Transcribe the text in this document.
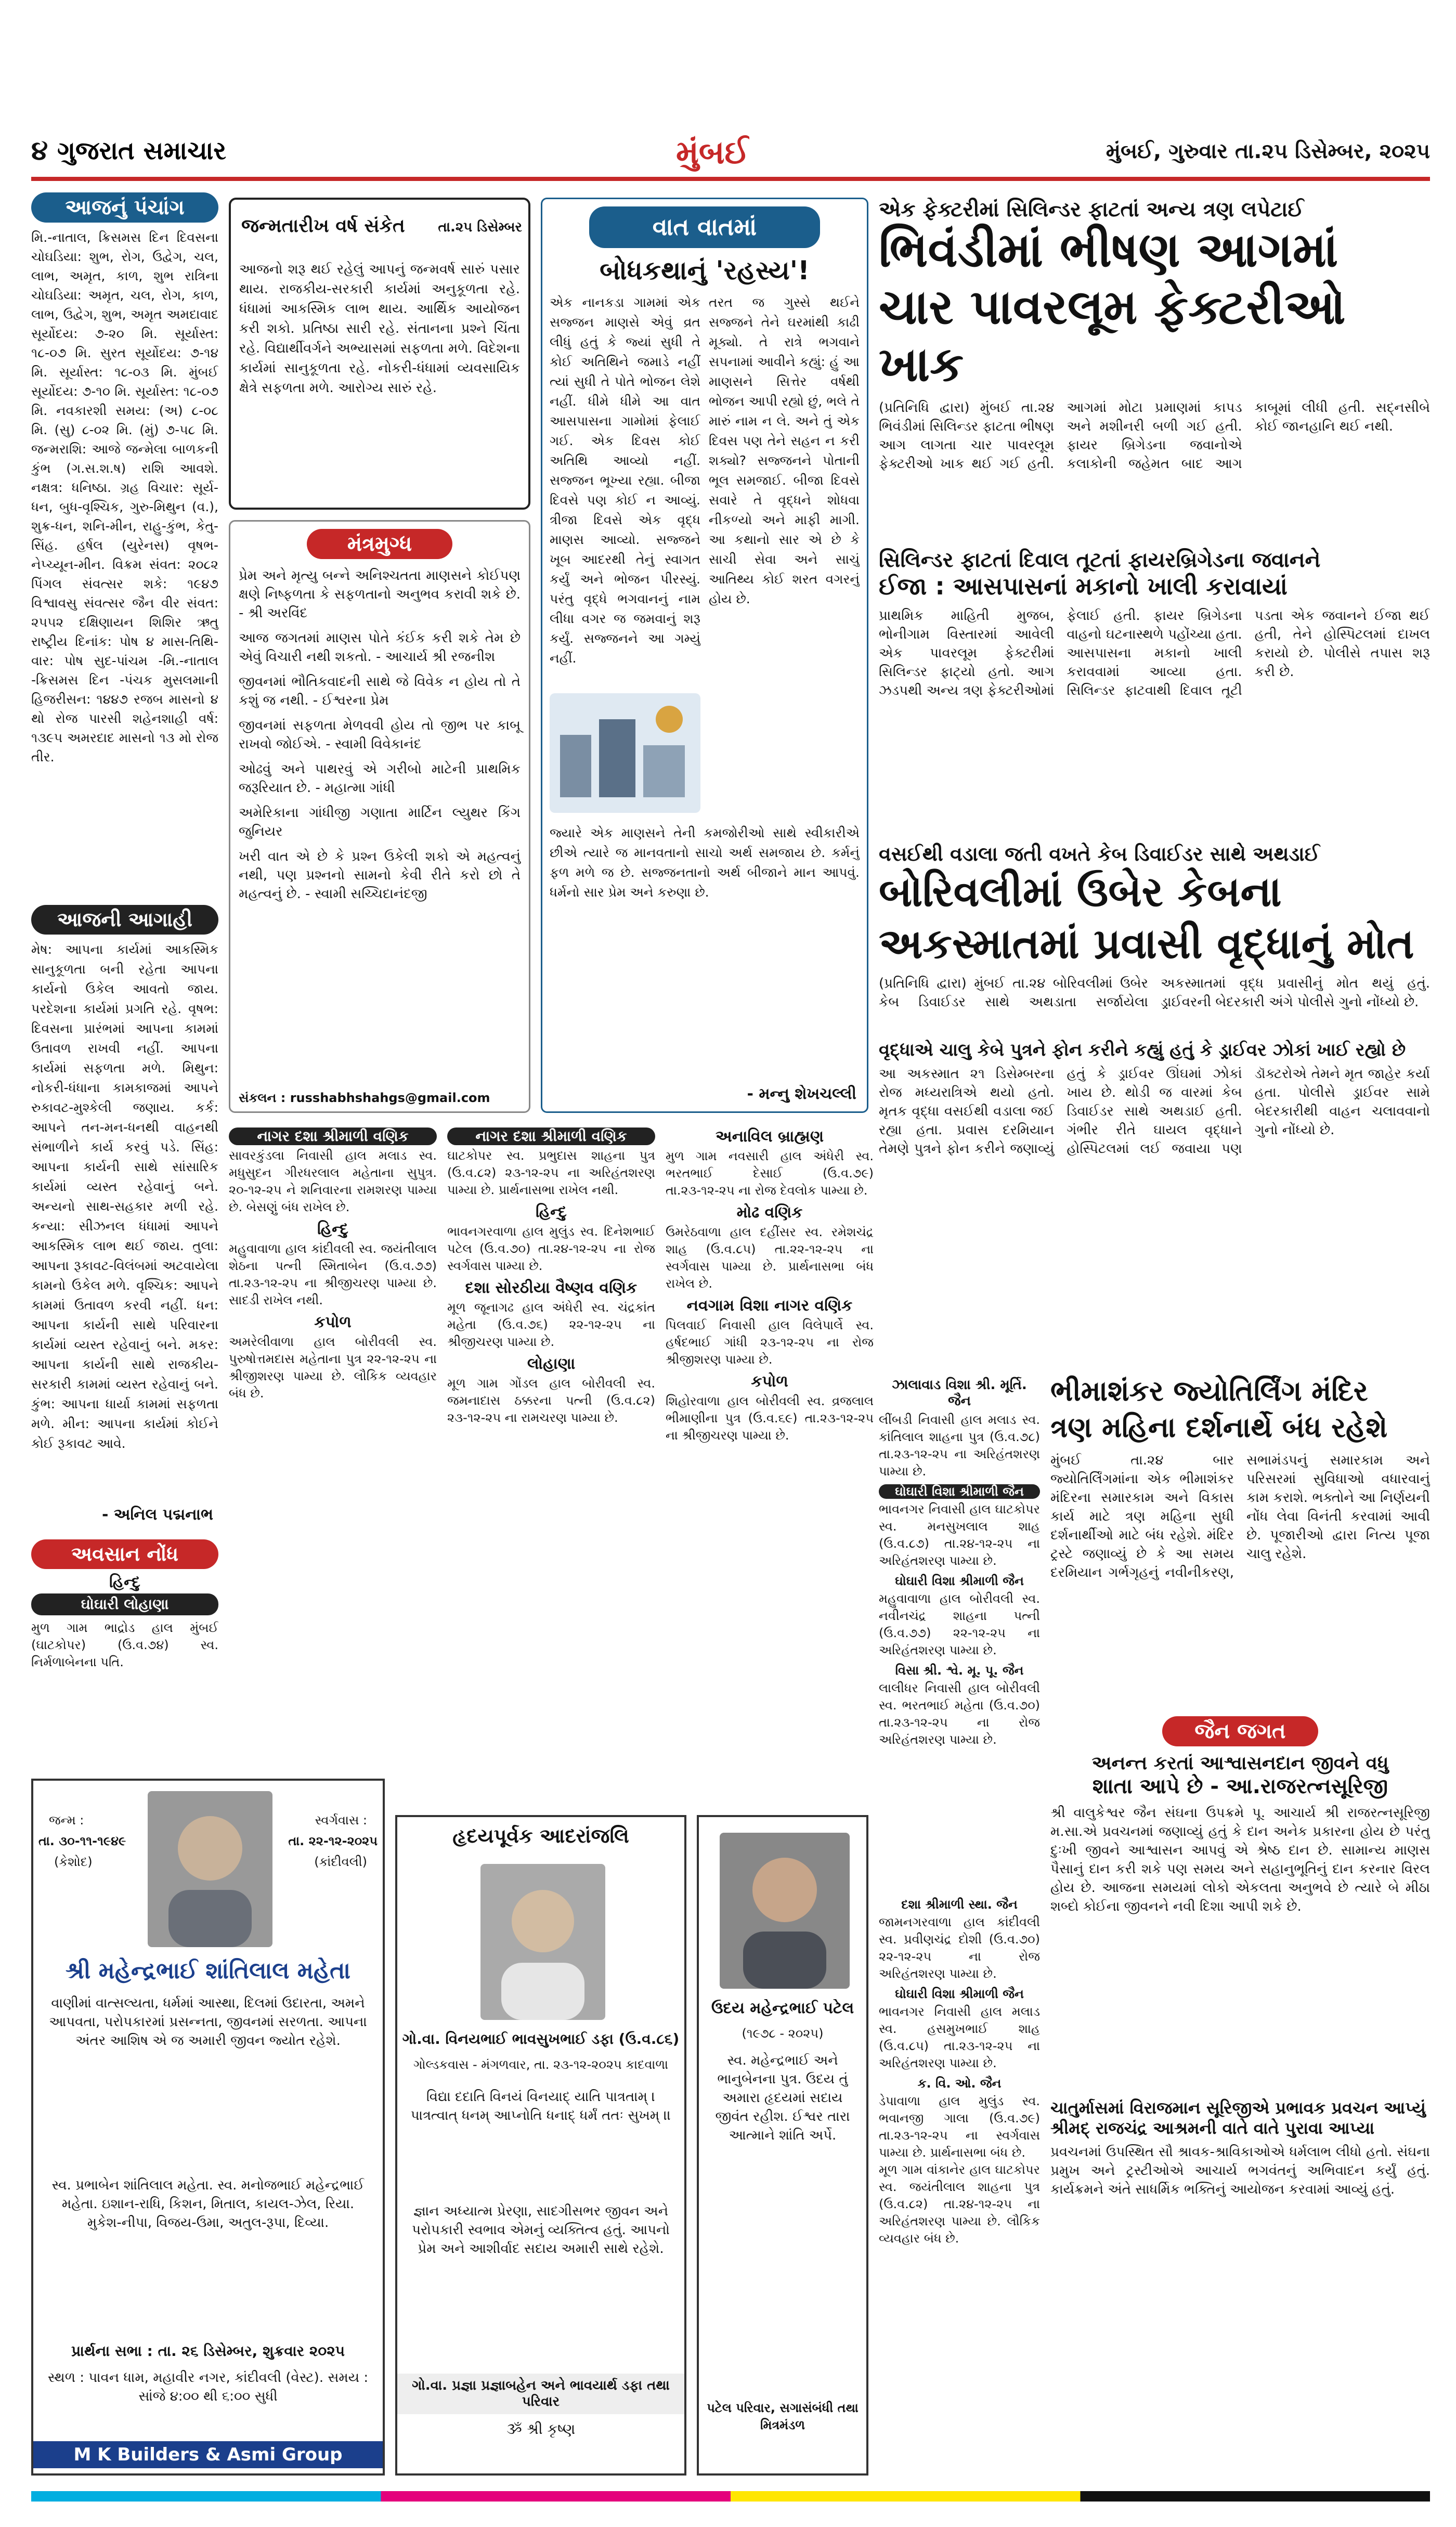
૪ ગુજરાત સમાચાર	મુંબઈ	મુંબઈ, ગુરુવાર તા.૨૫ ડિસેમ્બર, ૨૦૨૫
આજનું પંચાંગ
મિ.-નાતાલ, ક્રિસમસ દિન દિવસના ચોઘડિયા: શુભ, રોગ, ઉદ્વેગ, ચલ, લાભ, અમૃત, કાળ, શુભ રાત્રિના ચોઘડિયા: અમૃત, ચલ, રોગ, કાળ, લાભ, ઉદ્વેગ, શુભ, અમૃત અમદાવાદ સૂર્યોદય: ૭-૨૦ મિ. સૂર્યાસ્ત: ૧૮-૦૭ મિ. સુરત સૂર્યોદય: ૭-૧૪ મિ. સૂર્યાસ્ત: ૧૮-૦૩ મિ. મુંબઈ સૂર્યોદય: ૭-૧૦ મિ. સૂર્યાસ્ત: ૧૮-૦૭ મિ. નવકારશી સમય: (અ) ૮-૦૮ મિ. (સુ) ૮-૦૨ મિ. (મું) ૭-૫૮ મિ. જન્મરાશિ: આજે જન્મેલા બાળકની કુંભ (ગ.સ.શ.ષ) રાશિ આવશે. નક્ષત્ર: ધનિષ્ઠા. ગ્રહ વિચાર: સૂર્ય-ધન, બુધ-વૃશ્ચિક, ગુરુ-મિથુન (વ.), શુક્ર-ધન, શનિ-મીન, રાહુ-કુંભ, કેતુ-સિંહ. હર્ષલ (યુરેનસ) વૃષભ-નેપ્ચ્યૂન-મીન. વિક્રમ સંવત: ૨૦૮૨ પિંગલ સંવત્સર શકે: ૧૯૪૭ વિશ્વાવસુ સંવત્સર જૈન વીર સંવત: ૨૫૫૨ દક્ષિણાયન શિશિર ઋતુ રાષ્ટ્રીય દિનાંક: પોષ ૪ માસ-તિથિ-વાર: પોષ સુદ-પાંચમ -મિ.-નાતાલ -ક્રિસમસ દિન -પંચક મુસલમાની હિજરીસન: ૧૪૪૭ રજબ માસનો ૪ થો રોજ પારસી શહેનશાહી વર્ષ: ૧૩૯૫ અમરદાદ માસનો ૧૩ મો રોજ તીર.
આજની આગાહી
મેષ: આપના કાર્યમાં આકસ્મિક સાનુકૂળતા બની રહેતા આપના કાર્યનો ઉકેલ આવતો જાય. પરદેશના કાર્યમાં પ્રગતિ રહે. વૃષભ: દિવસના પ્રારંભમાં આપના કામમાં ઉતાવળ રાખવી નહીં. આપના કાર્યમાં સફળતા મળે. મિથુન: નોકરી-ધંધાના કામકાજમાં આપને રુકાવટ-મુશ્કેલી જણાય. કર્ક: આપને તન-મન-ધનથી વાહનથી સંભાળીને કાર્ય કરવું પડે. સિંહ: આપના કાર્યની સાથે સાંસારિક કાર્યમાં વ્યસ્ત રહેવાનું બને. અન્યનો સાથ-સહકાર મળી રહે. કન્યા: સીઝનલ ધંધામાં આપને આકસ્મિક લાભ થઈ જાય. તુલા: આપના રૂકાવટ-વિલંબમાં અટવાયેલા કામનો ઉકેલ મળે. વૃશ્ચિક: આપને કામમાં ઉતાવળ કરવી નહીં. ધન: આપના કાર્યની સાથે પરિવારના કાર્યમાં વ્યસ્ત રહેવાનું બને. મકર: આપના કાર્યની સાથે રાજકીય-સરકારી કામમાં વ્યસ્ત રહેવાનું બને. કુંભ: આપના ધાર્યા કામમાં સફળતા મળે. મીન: આપના કાર્યમાં કોઈને કોઈ રૂકાવટ આવે.
- અનિલ પદ્મનાભ
અવસાન નોંધ
હિન્દુ
ઘોઘારી લોહાણા
મુળ ગામ ભાદ્રોડ હાલ મુંબઈ (ઘાટકોપર) (ઉ.વ.૭૪) સ્વ. નિર્મળાબેનના પતિ.
જન્મતારીખ વર્ષ સંકેત તા.૨૫ ડિસેમ્બર
આજનો શરૂ થઈ રહેલું આપનું જન્મવર્ષ સારું પસાર થાય. રાજકીય-સરકારી કાર્યમાં અનુકૂળતા રહે. ધંધામાં આકસ્મિક લાભ થાય. આર્થિક આયોજન કરી શકો. પ્રતિષ્ઠા સારી રહે. સંતાનના પ્રશ્ને ચિંતા રહે. વિદ્યાર્થીવર્ગને અભ્યાસમાં સફળતા મળે. વિદેશના કાર્યમાં સાનુકૂળતા રહે. નોકરી-ધંધામાં વ્યવસાયિક ક્ષેત્રે સફળતા મળે. આરોગ્ય સારું રહે.
મંત્રમુગ્ધ
પ્રેમ અને મૃત્યુ બન્ને અનિશ્ચતતા માણસને કોઈપણ ક્ષણે નિષ્ફળતા કે સફળતાનો અનુભવ કરાવી શકે છે. - શ્રી અરવિંદ
આજ જગતમાં માણસ પોતે કંઈક કરી શકે તેમ છે એવું વિચારી નથી શકતો. - આચાર્ય શ્રી રજનીશ
જીવનમાં ભૌતિકવાદની સાથે જે વિવેક ન હોય તો તે કશું જ નથી. - ઈશ્વરના પ્રેમ
જીવનમાં સફળતા મેળવવી હોય તો જીભ પર કાબૂ રાખવો જોઈએ. - સ્વામી વિવેકાનંદ
ઓઢવું અને પાથરવું એ ગરીબો માટેની પ્રાથમિક જરૂરિયાત છે. - મહાત્મા ગાંધી
અમેરિકાના ગાંધીજી ગણાતા માર્ટિન લ્યુથર કિંગ જુનિયર
ખરી વાત એ છે કે પ્રશ્ન ઉકેલી શકો એ મહત્વનું નથી, પણ પ્રશ્નનો સામનો કેવી રીતે કરો છો તે મહત્વનું છે. - સ્વામી સચ્ચિદાનંદજી
સંકલન : russhabhshahgs@gmail.com
વાત વાતમાં
બોધકથાનું 'રહસ્ય'!
એક નાનકડા ગામમાં એક સજ્જન માણસે એવું વ્રત લીધું હતું કે જ્યાં સુધી તે કોઈ અતિથિને જમાડે નહીં ત્યાં સુધી તે પોતે ભોજન લેશે નહીં. ધીમે ધીમે આ વાત આસપાસના ગામોમાં ફેલાઈ ગઈ. એક દિવસ કોઈ અતિથિ આવ્યો નહીં. સજ્જન ભૂખ્યા રહ્યા. બીજા દિવસે પણ કોઈ ન આવ્યું. ત્રીજા દિવસે એક વૃદ્ધ માણસ આવ્યો. સજ્જને ખૂબ આદરથી તેનું સ્વાગત કર્યું અને ભોજન પીરસ્યું. પરંતુ વૃદ્ધે ભગવાનનું નામ લીધા વગર જ જમવાનું શરૂ કર્યું. સજ્જનને આ ગમ્યું નહીં.
તરત જ ગુસ્સે થઈને સજ્જને તેને ઘરમાંથી કાઢી મૂક્યો. તે રાત્રે ભગવાને સપનામાં આવીને કહ્યું: હું આ માણસને સિત્તેર વર્ષથી ભોજન આપી રહ્યો છું, ભલે તે મારું નામ ન લે. અને તું એક દિવસ પણ તેને સહન ન કરી શક્યો? સજ્જનને પોતાની ભૂલ સમજાઈ. બીજા દિવસે સવારે તે વૃદ્ધને શોધવા નીકળ્યો અને માફી માગી. આ કથાનો સાર એ છે કે સાચી સેવા અને સાચું આતિથ્ય કોઈ શરત વગરનું હોય છે.
જ્યારે એક માણસને તેની કમજોરીઓ સાથે સ્વીકારીએ છીએ ત્યારે જ માનવતાનો સાચો અર્થ સમજાય છે. કર્મનું ફળ મળે જ છે. સજ્જનતાનો અર્થ બીજાને માન આપવું. ધર્મનો સાર પ્રેમ અને કરુણા છે.
- મન્નુ શેખચલ્લી
એક ફેક્ટરીમાં સિલિન્ડર ફાટતાં અન્ય ત્રણ લપેટાઈ
ભિવંડીમાં ભીષણ આગમાં
ચાર પાવરલૂમ ફેક્ટરીઓ ખાક
(પ્રતિનિધિ દ્વારા) મુંબઈ તા.૨૪ ભિવંડીમાં સિલિન્ડર ફાટતા ભીષણ આગ લાગતા ચાર પાવરલૂમ ફેક્ટરીઓ ખાક થઈ ગઈ હતી. આગમાં મોટા પ્રમાણમાં કાપડ અને મશીનરી બળી ગઈ હતી. ફાયર બ્રિગેડના જવાનોએ કલાકોની જહેમત બાદ આગ કાબૂમાં લીધી હતી. સદ્નસીબે કોઈ જાનહાનિ થઈ નથી.
સિલિન્ડર ફાટતાં દિવાલ તૂટતાં ફાયરબ્રિગેડના જવાનને
ઈજા : આસપાસનાં મકાનો ખાલી કરાવાયાં
પ્રાથમિક માહિતી મુજબ, ભોનીગામ વિસ્તારમાં આવેલી એક પાવરલૂમ ફેક્ટરીમાં સિલિન્ડર ફાટ્યો હતો. આગ ઝડપથી અન્ય ત્રણ ફેક્ટરીઓમાં ફેલાઈ હતી. ફાયર બ્રિગેડના વાહનો ઘટનાસ્થળે પહોંચ્યા હતા. આસપાસના મકાનો ખાલી કરાવવામાં આવ્યા હતા. સિલિન્ડર ફાટવાથી દિવાલ તૂટી પડતા એક જવાનને ઈજા થઈ હતી, તેને હોસ્પિટલમાં દાખલ કરાયો છે. પોલીસે તપાસ શરૂ કરી છે.
વસઈથી વડાલા જતી વખતે કેબ ડિવાઈડર સાથે અથડાઈ
બોરિવલીમાં ઉબેર કેબના
અકસ્માતમાં પ્રવાસી વૃદ્ધાનું મોત
(પ્રતિનિધિ દ્વારા) મુંબઈ તા.૨૪ બોરિવલીમાં ઉબેર કેબ ડિવાઈડર સાથે અથડાતા સર્જાયેલા અકસ્માતમાં વૃદ્ધ પ્રવાસીનું મોત થયું હતું. ડ્રાઈવરની બેદરકારી અંગે પોલીસે ગુનો નોંધ્યો છે.
વૃદ્ધાએ ચાલુ કેબે પુત્રને ફોન કરીને કહ્યું હતું કે ડ્રાઈવર ઝોકાં ખાઈ રહ્યો છે
આ અકસ્માત ૨૧ ડિસેમ્બરના રોજ મધ્યરાત્રિએ થયો હતો. મૃતક વૃદ્ધા વસઈથી વડાલા જઈ રહ્યા હતા. પ્રવાસ દરમિયાન તેમણે પુત્રને ફોન કરીને જણાવ્યું હતું કે ડ્રાઈવર ઊંઘમાં ઝોકાં ખાય છે. થોડી જ વારમાં કેબ ડિવાઈડર સાથે અથડાઈ હતી. ગંભીર રીતે ઘાયલ વૃદ્ધાને હોસ્પિટલમાં લઈ જવાયા પણ ડૉક્ટરોએ તેમને મૃત જાહેર કર્યા હતા. પોલીસે ડ્રાઈવર સામે બેદરકારીથી વાહન ચલાવવાનો ગુનો નોંધ્યો છે.
ભીમાશંકર જ્યોતિર્લિંગ મંદિર
ત્રણ મહિના દર્શનાર્થે બંધ રહેશે
મુંબઈ તા.૨૪ બાર જ્યોતિર્લિંગમાંના એક ભીમાશંકર મંદિરના સમારકામ અને વિકાસ કાર્ય માટે ત્રણ મહિના સુધી દર્શનાર્થીઓ માટે બંધ રહેશે. મંદિર ટ્રસ્ટે જણાવ્યું છે કે આ સમય દરમિયાન ગર્ભગૃહનું નવીનીકરણ, સભામંડપનું સમારકામ અને પરિસરમાં સુવિધાઓ વધારવાનું કામ કરાશે. ભક્તોને આ નિર્ણયની નોંધ લેવા વિનંતી કરવામાં આવી છે. પૂજારીઓ દ્વારા નિત્ય પૂજા ચાલુ રહેશે.
જૈન જગત
અનન્ત કરતાં આશ્વાસનદાન જીવને વધુ
શાતા આપે છે - આ.રાજરત્નસૂરિજી
શ્રી વાલુકેશ્વર જૈન સંઘના ઉપક્રમે પૂ. આચાર્ય શ્રી રાજરત્નસૂરિજી મ.સા.એ પ્રવચનમાં જણાવ્યું હતું કે દાન અનેક પ્રકારના હોય છે પરંતુ દુઃખી જીવને આશ્વાસન આપવું એ શ્રેષ્ઠ દાન છે. સામાન્ય માણસ પૈસાનું દાન કરી શકે પણ સમય અને સહાનુભૂતિનું દાન કરનાર વિરલ હોય છે. આજના સમયમાં લોકો એકલતા અનુભવે છે ત્યારે બે મીઠા શબ્દો કોઈના જીવનને નવી દિશા આપી શકે છે.
ચાતુર્માસમાં વિરાજમાન સૂરિજીએ પ્રભાવક પ્રવચન આપ્યું
શ્રીમદ્ રાજચંદ્ર આશ્રમની વાતે વાતે પુરાવા આપ્યા
પ્રવચનમાં ઉપસ્થિત સૌ શ્રાવક-શ્રાવિકાઓએ ધર્મલાભ લીધો હતો. સંઘના પ્રમુખ અને ટ્રસ્ટીઓએ આચાર્ય ભગવંતનું અભિવાદન કર્યું હતું. કાર્યક્રમને અંતે સાધર્મિક ભક્તિનું આયોજન કરવામાં આવ્યું હતું.
નાગર દશા શ્રીમાળી વણિક
સાવરકુંડલા નિવાસી હાલ મલાડ સ્વ. મધુસુદન ગીરધરલાલ મહેતાના સુપુત્ર. ૨૦-૧૨-૨૫ ને શનિવારના રામશરણ પામ્યા છે. બેસણું બંધ રાખેલ છે.
હિન્દુ
મહુવાવાળા હાલ કાંદીવલી સ્વ. જયંતીલાલ શેઠના પત્ની સ્મિતાબેન (ઉ.વ.૭૭) તા.૨૩-૧૨-૨૫ ના શ્રીજીચરણ પામ્યા છે. સાદડી રાખેલ નથી.
કપોળ
અમરેલીવાળા હાલ બોરીવલી સ્વ. પુરુષોત્તમદાસ મહેતાના પુત્ર ૨૨-૧૨-૨૫ ના શ્રીજીશરણ પામ્યા છે. લૌકિક વ્યવહાર બંધ છે.
નાગર દશા શ્રીમાળી વણિક
ઘાટકોપર સ્વ. પ્રભુદાસ શાહના પુત્ર (ઉ.વ.૮૨) ૨૩-૧૨-૨૫ ના અરિહંતશરણ પામ્યા છે. પ્રાર્થનાસભા રાખેલ નથી.
હિન્દુ
ભાવનગરવાળા હાલ મુલુંડ સ્વ. દિનેશભાઈ પટેલ (ઉ.વ.૭૦) તા.૨૪-૧૨-૨૫ ના રોજ સ્વર્ગવાસ પામ્યા છે.
દશા સોરઠીયા વૈષ્ણવ વણિક
મૂળ જૂનાગઢ હાલ અંધેરી સ્વ. ચંદ્રકાંત મહેતા (ઉ.વ.૭૬) ૨૨-૧૨-૨૫ ના શ્રીજીચરણ પામ્યા છે.
લોહાણા
મૂળ ગામ ગોંડલ હાલ બોરીવલી સ્વ. જમનાદાસ ઠક્કરના પત્ની (ઉ.વ.૮૨) ૨૩-૧૨-૨૫ ના રામચરણ પામ્યા છે.
અનાવિલ બ્રાહ્મણ
મુળ ગામ નવસારી હાલ અંધેરી સ્વ. ભરતભાઈ દેસાઈ (ઉ.વ.૭૯) તા.૨૩-૧૨-૨૫ ના રોજ દેવલોક પામ્યા છે.
મોઢ વણિક
ઉમરેઠવાળા હાલ દહીંસર સ્વ. રમેશચંદ્ર શાહ (ઉ.વ.૮૫) તા.૨૨-૧૨-૨૫ ના સ્વર્ગવાસ પામ્યા છે. પ્રાર્થનાસભા બંધ રાખેલ છે.
નવગામ વિશા નાગર વણિક
પિલવાઈ નિવાસી હાલ વિલેપાર્લે સ્વ. હર્ષદભાઈ ગાંધી ૨૩-૧૨-૨૫ ના રોજ શ્રીજીશરણ પામ્યા છે.
કપોળ
શિહોરવાળા હાલ બોરીવલી સ્વ. વ્રજલાલ ભીમાણીના પુત્ર (ઉ.વ.૬૯) તા.૨૩-૧૨-૨૫ ના શ્રીજીચરણ પામ્યા છે.
ઝાલાવાડ વિશા શ્રી. મૂર્તિ. જૈન
લીંબડી નિવાસી હાલ મલાડ સ્વ. કાંતિલાલ શાહના પુત્ર (ઉ.વ.૭૮) તા.૨૩-૧૨-૨૫ ના અરિહંતશરણ પામ્યા છે.
ઘોઘારી વિશા શ્રીમાળી જૈન
ભાવનગર નિવાસી હાલ ઘાટકોપર સ્વ. મનસુખલાલ શાહ (ઉ.વ.૮૭) તા.૨૪-૧૨-૨૫ ના અરિહંતશરણ પામ્યા છે.
ઘોઘારી વિશા શ્રીમાળી જૈન
મહુવાવાળા હાલ બોરીવલી સ્વ. નવીનચંદ્ર શાહના પત્ની (ઉ.વ.૭૭) ૨૨-૧૨-૨૫ ના અરિહંતશરણ પામ્યા છે.
વિસા શ્રી. શ્વે. મૂ. પૂ. જૈન
લાલીધર નિવાસી હાલ બોરીવલી સ્વ. ભરતભાઈ મહેતા (ઉ.વ.૭૦) તા.૨૩-૧૨-૨૫ ના રોજ અરિહંતશરણ પામ્યા છે.
દશા શ્રીમાળી સ્થા. જૈન
જામનગરવાળા હાલ કાંદીવલી સ્વ. પ્રવીણચંદ્ર દોશી (ઉ.વ.૭૦) ૨૨-૧૨-૨૫ ના રોજ અરિહંતશરણ પામ્યા છે.
ઘોઘારી વિશા શ્રીમાળી જૈન
ભાવનગર નિવાસી હાલ મલાડ સ્વ. હસમુખભાઈ શાહ (ઉ.વ.૮૫) તા.૨૩-૧૨-૨૫ ના અરિહંતશરણ પામ્યા છે.
ક. વિ. ઓ. જૈન
ડેપાવાળા હાલ મુલુંડ સ્વ. ભવાનજી ગાલા (ઉ.વ.૭૯) તા.૨૩-૧૨-૨૫ ના સ્વર્ગવાસ પામ્યા છે. પ્રાર્થનાસભા બંધ છે.
મૂળ ગામ વાંકાનેર હાલ ઘાટકોપર સ્વ. જયંતીલાલ શાહના પુત્ર (ઉ.વ.૮૨) તા.૨૪-૧૨-૨૫ ના અરિહંતશરણ પામ્યા છે. લૌકિક વ્યવહાર બંધ છે.
જન્મ :
તા. ૩૦-૧૧-૧૯૪૯
(કેશોદ)
સ્વર્ગવાસ :
તા. ૨૨-૧૨-૨૦૨૫
(કાંદીવલી)
શ્રી મહેન્દ્રભાઈ શાંતિલાલ મહેતા
વાણીમાં વાત્સલ્યતા, ધર્મમાં આસ્થા, દિલમાં ઉદારતા, અમને આપવતા, પરોપકારમાં પ્રસન્નતા, જીવનમાં સરળતા. આપના અંતર આશિષ એ જ અમારી જીવન જ્યોત રહેશે.
સ્વ. પ્રભાબેન શાંતિલાલ મહેતા. સ્વ. મનોજભાઈ મહેન્દ્રભાઈ મહેતા. ઇશાન-રાધિ, કિશન, મિતાલ, કાયલ-ઝેલ, રિયા. મુકેશ-નીપા, વિજય-ઉમા, અતુલ-રૂપા, દિવ્યા.
પ્રાર્થના સભા : તા. ૨૬ ડિસેમ્બર, શુક્રવાર ૨૦૨૫
સ્થળ : પાવન ધામ, મહાવીર નગર, કાંદીવલી (વેસ્ટ). સમય : સાંજે ૪:૦૦ થી ૬:૦૦ સુધી
M K Builders & Asmi Group
હૃદયપૂર્વક આદરાંજલિ
ગો.વા. વિનયભાઈ ભાવસુખભાઈ ડફા (ઉ.વ.૮૬)
ગોલ્ડકવાસ - મંગળવાર, તા. ૨૩-૧૨-૨૦૨૫ કાદવાળા
વિદ્યા દદાતિ વિનયં વિનયાદ્ યાતિ પાત્રતામ્ । પાત્રત્વાત્ ધનમ્ આપ્નોતિ ધનાદ્ ધર્મં તતઃ સુખમ્ ।।
જ્ઞાન અધ્યાત્મ પ્રેરણા, સાદગીસભર જીવન અને પરોપકારી સ્વભાવ એમનું વ્યક્તિત્વ હતું. આપનો પ્રેમ અને આશીર્વાદ સદાય અમારી સાથે રહેશે.
ગો.વા. પ્રજ્ઞા પ્રજ્ઞાબહેન અને ભાવયાર્થ ડફા તથા પરિવાર
ૐ શ્રી કૃષ્ણ
ઉદય મહેન્દ્રભાઈ પટેલ
(૧૯૭૮ - ૨૦૨૫)
સ્વ. મહેન્દ્રભાઈ અને ભાનુબેનના પુત્ર. ઉદય તું અમારા હૃદયમાં સદાય જીવંત રહીશ. ઈશ્વર તારા આત્માને શાંતિ અર્પે.
પટેલ પરિવાર, સગાસંબંધી તથા મિત્રમંડળ
